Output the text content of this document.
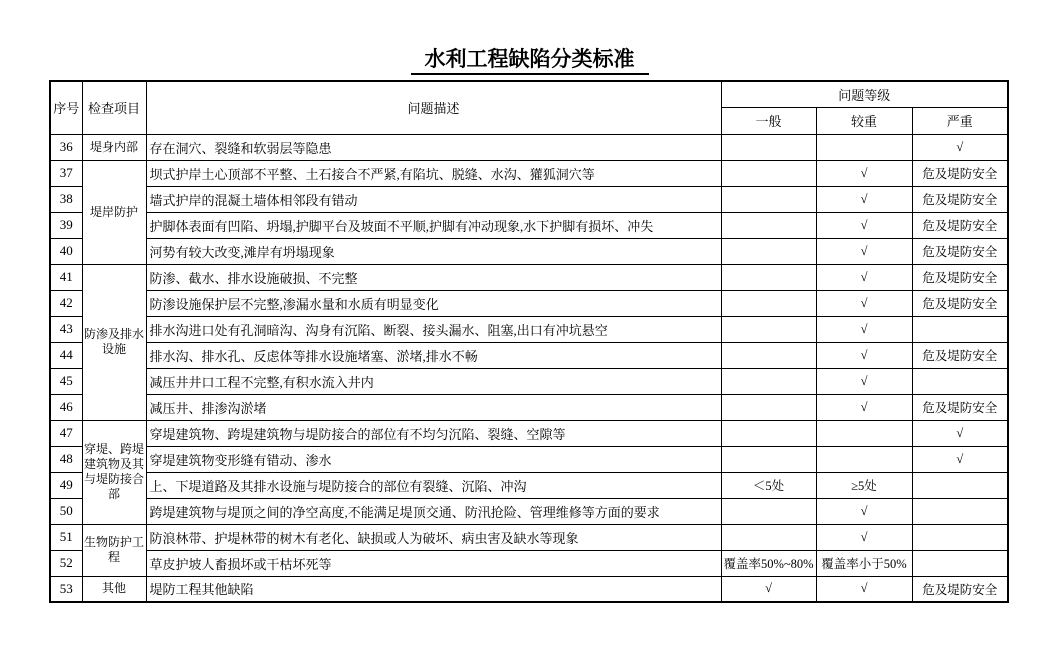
水利工程缺陷分类标准
序号	检查项目	问题描述	问题等级		
			一般	较重	严重
36	堤身内部	存在洞穴、裂缝和软弱层等隐患			√
37	堤岸防护	坝式护岸土心顶部不平整、土石接合不严紧,有陷坑、脱缝、水沟、獾狐洞穴等		√	危及堤防安全
38		墙式护岸的混凝土墙体相邻段有错动		√	危及堤防安全
39		护脚体表面有凹陷、坍塌,护脚平台及坡面不平顺,护脚有冲动现象,水下护脚有损坏、冲失		√	危及堤防安全
40		河势有较大改变,滩岸有坍塌现象		√	危及堤防安全
41	防渗及排水设施	防渗、截水、排水设施破损、不完整		√	危及堤防安全
42		防渗设施保护层不完整,渗漏水量和水质有明显变化		√	危及堤防安全
43		排水沟进口处有孔洞暗沟、沟身有沉陷、断裂、接头漏水、阻塞,出口有冲坑悬空		√	
44		排水沟、排水孔、反虑体等排水设施堵塞、淤堵,排水不畅		√	危及堤防安全
45		减压井井口工程不完整,有积水流入井内		√	
46		减压井、排渗沟淤堵		√	危及堤防安全
47	穿堤、跨堤建筑物及其与堤防接合部	穿堤建筑物、跨堤建筑物与堤防接合的部位有不均匀沉陷、裂缝、空隙等			√
48		穿堤建筑物变形缝有错动、渗水			√
49		上、下堤道路及其排水设施与堤防接合的部位有裂缝、沉陷、冲沟	＜5处	≥5处	
50		跨堤建筑物与堤顶之间的净空高度,不能满足堤顶交通、防汛抢险、管理维修等方面的要求		√	
51	生物防护工程	防浪林带、护堤林带的树木有老化、缺损或人为破坏、病虫害及缺水等现象		√	
52		草皮护坡人畜损坏或干枯坏死等	覆盖率50%~80%	覆盖率小于50%	
53	其他	堤防工程其他缺陷	√	√	危及堤防安全
